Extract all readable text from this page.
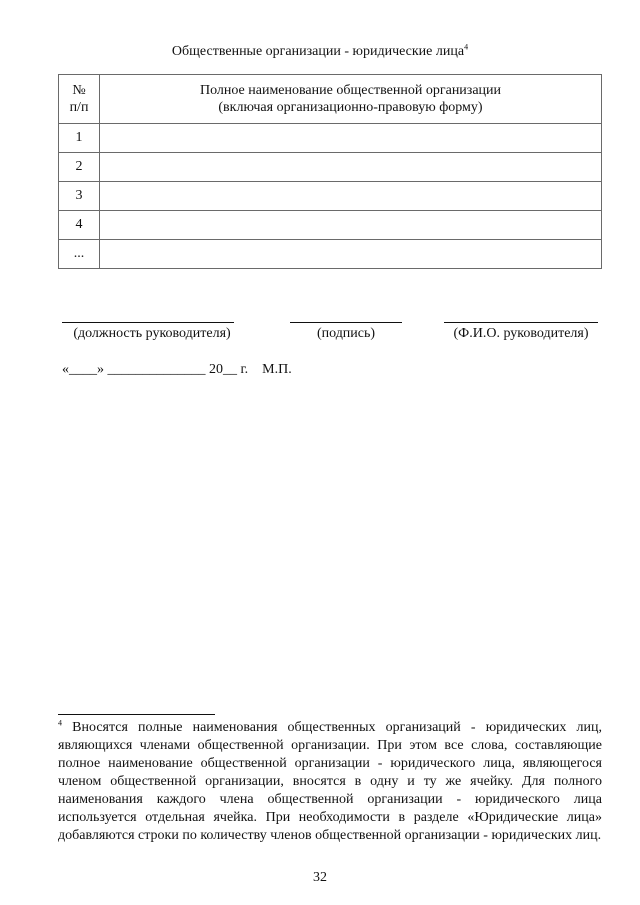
Общественные организации - юридические лица$^4$
№
п/п	Полное наименование общественной организации
(включая организационно-правовую форму)
1	
2	
3	
4	
...	
(должность руководителя)	(подпись)	(Ф.И.О. руководителя)
«____» ______________ 20__ г.    М.П.
$^4$ Вносятся полные наименования общественных организаций - юридических лиц, являющихся членами общественной организации. При этом все слова, составляющие полное наименование общественной организации - юридического лица, являющегося членом общественной организации, вносятся в одну и ту же ячейку. Для полного наименования каждого члена общественной организации - юридического лица используется отдельная ячейка. При необходимости в разделе «Юридические лица» добавляются строки по количеству членов общественной организации - юридических лиц.
32
